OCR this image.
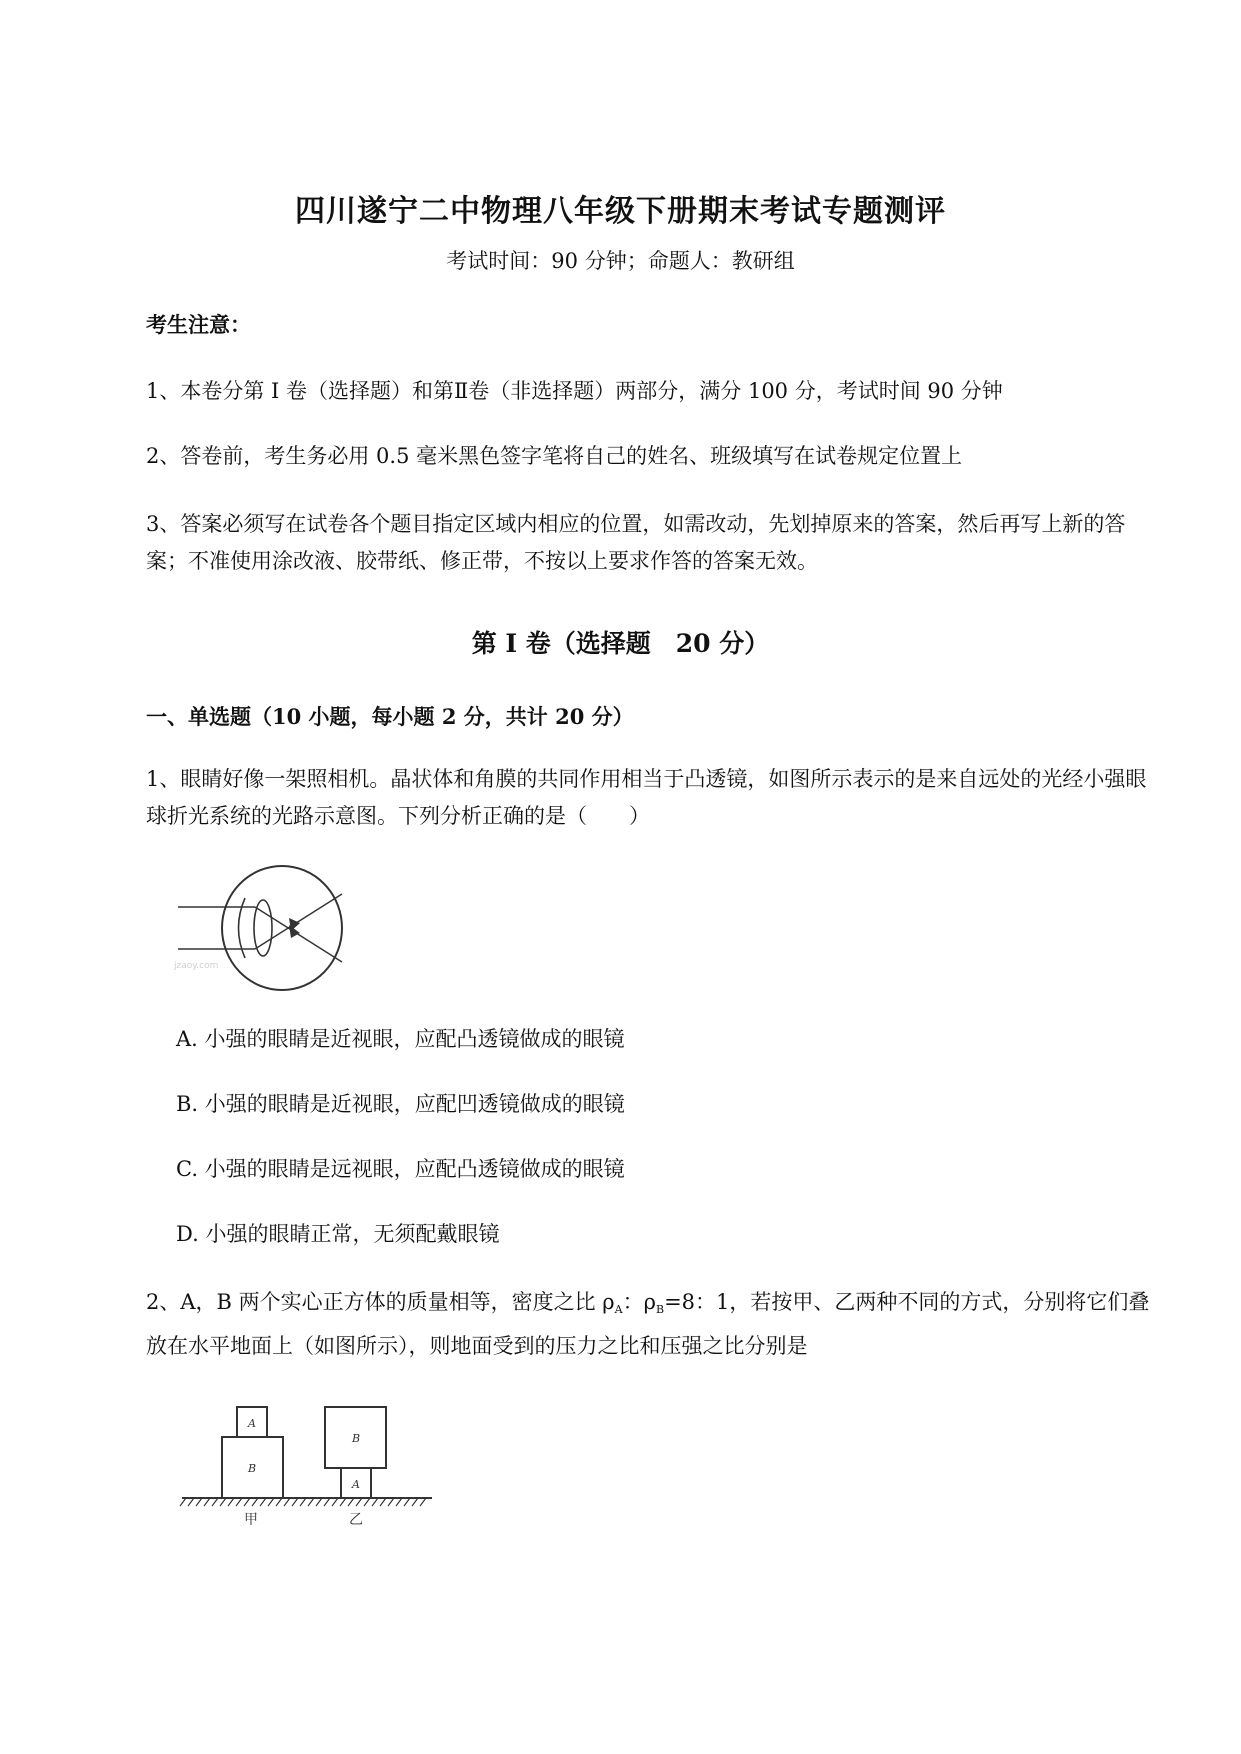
四川遂宁二中物理八年级下册期末考试专题测评
考试时间：90 分钟；命题人：教研组
考生注意：
1、本卷分第 I 卷（选择题）和第Ⅱ卷（非选择题）两部分，满分 100 分，考试时间 90 分钟
2、答卷前，考生务必用 0.5 毫米黑色签字笔将自己的姓名、班级填写在试卷规定位置上
3、答案必须写在试卷各个题目指定区域内相应的位置，如需改动，先划掉原来的答案，然后再写上新的答案；不准使用涂改液、胶带纸、修正带，不按以上要求作答的答案无效。
第 I 卷（选择题　20 分）
一、单选题（10 小题，每小题 2 分，共计 20 分）
1、眼睛好像一架照相机。晶状体和角膜的共同作用相当于凸透镜，如图所示表示的是来自远处的光经小强眼球折光系统的光路示意图。下列分析正确的是（　　）
jzaoy.com
A. 小强的眼睛是近视眼，应配凸透镜做成的眼镜
B. 小强的眼睛是近视眼，应配凹透镜做成的眼镜
C. 小强的眼睛是远视眼，应配凸透镜做成的眼镜
D. 小强的眼睛正常，无须配戴眼镜
2、A，B 两个实心正方体的质量相等，密度之比 $\rho_A$：$\rho_B=8$：1，若按甲、乙两种不同的方式，分别将它们叠放在水平地面上（如图所示），则地面受到的压力之比和压强之比分别是
A
B
B
A
甲	乙
